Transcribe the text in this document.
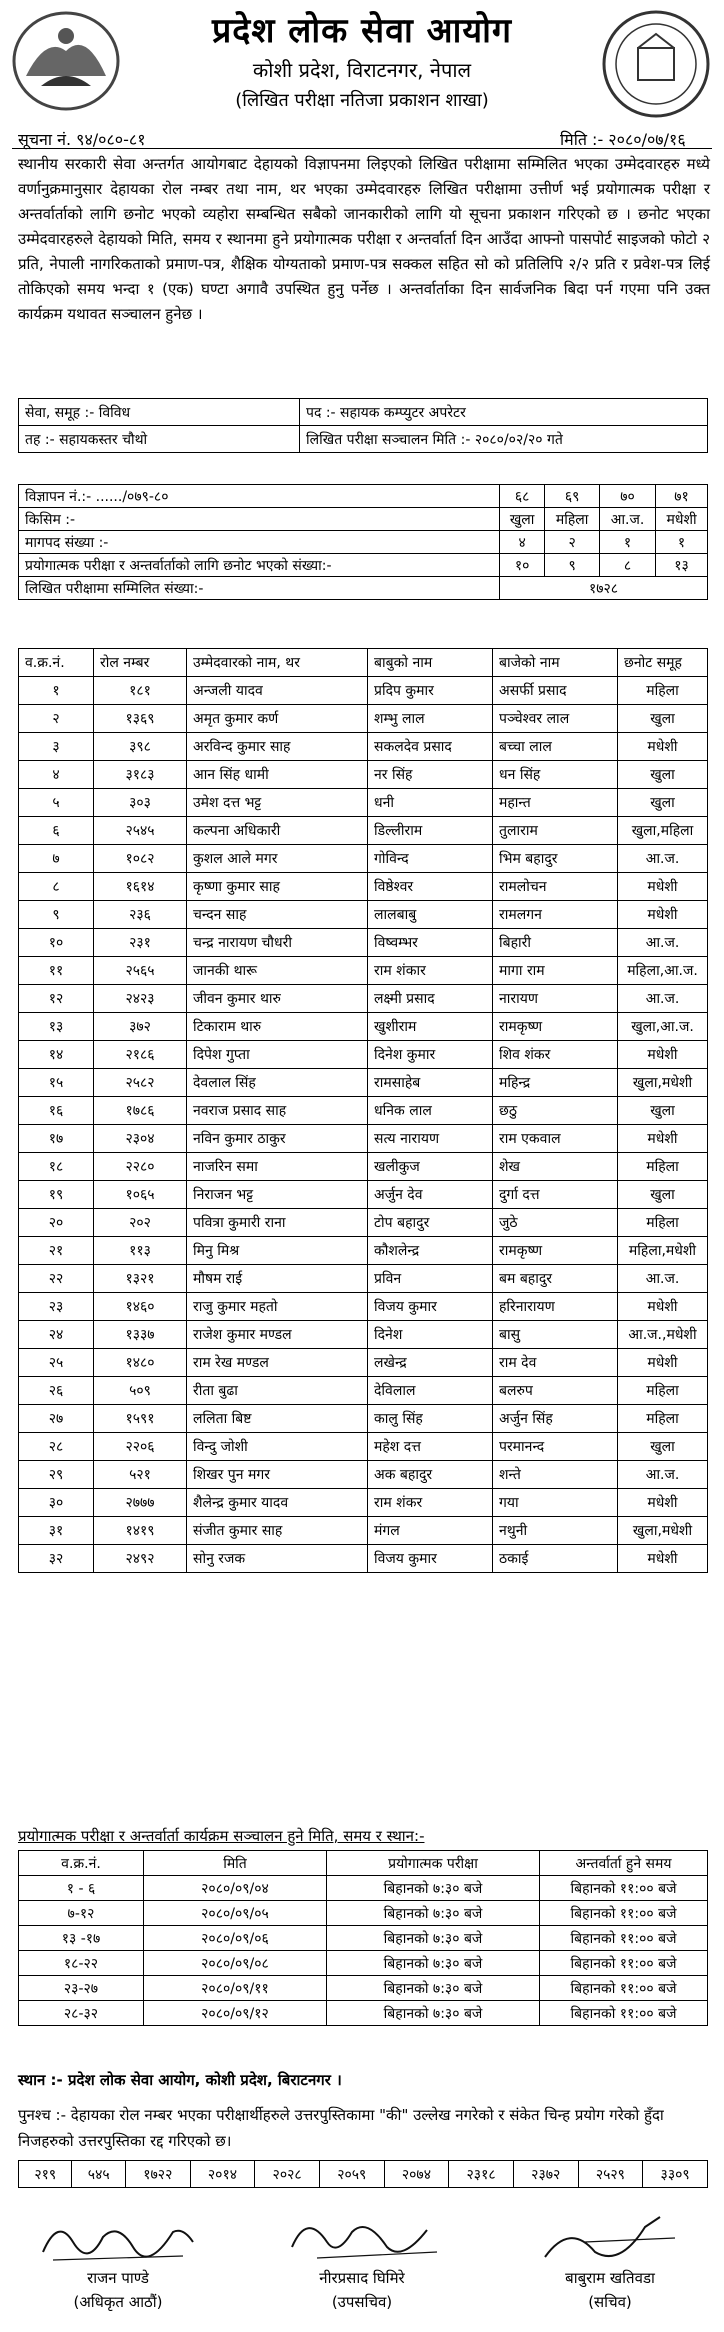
प्रदेश लोक सेवा आयोग
कोशी प्रदेश, विराटनगर, नेपाल
(लिखित परीक्षा नतिजा प्रकाशन शाखा)
सूचना नं. ९४/०८०-८१	मिति :- २०८०/०७/१६
स्थानीय सरकारी सेवा अन्तर्गत आयोगबाट देहायको विज्ञापनमा लिइएको लिखित परीक्षामा सम्मिलित भएका उम्मेदवारहरु मध्ये वर्णानुक्रमानुसार देहायका रोल नम्बर तथा नाम, थर भएका उम्मेदवारहरु लिखित परीक्षामा उत्तीर्ण भई प्रयोगात्मक परीक्षा र अन्तर्वार्ताको लागि छनोट भएको व्यहोरा सम्बन्धित सबैको जानकारीको लागि यो सूचना प्रकाशन गरिएको छ । छनोट भएका उम्मेदवारहरुले देहायको मिति, समय र स्थानमा हुने प्रयोगात्मक परीक्षा र अन्तर्वार्ता दिन आउँदा आफ्नो पासपोर्ट साइजको फोटो २ प्रति, नेपाली नागरिकताको प्रमाण-पत्र, शैक्षिक योग्यताको प्रमाण-पत्र सक्कल सहित सो को प्रतिलिपि २/२ प्रति र प्रवेश-पत्र लिई तोकिएको समय भन्दा १ (एक) घण्टा अगावै उपस्थित हुनु पर्नेछ । अन्तर्वार्ताका दिन सार्वजनिक बिदा पर्न गएमा पनि उक्त कार्यक्रम यथावत सञ्चालन हुनेछ ।
सेवा, समूह :- विविध	पद :- सहायक कम्प्युटर अपरेटर
तह :- सहायकस्तर चौथो	लिखित परीक्षा सञ्चालन मिति :- २०८०/०२/२० गते
विज्ञापन नं.:- ....../०७९-८०	६८	६९	७०	७१
किसिम :-	खुला	महिला	आ.ज.	मधेशी
मागपद संख्या :-	४	२	१	१
प्रयोगात्मक परीक्षा र अन्तर्वार्ताको लागि छनोट भएको संख्या:-	१०	९	८	१३
लिखित परीक्षामा सम्मिलित संख्या:-	१७२८			
व.क्र.नं.	रोल नम्बर	उम्मेदवारको नाम, थर	बाबुको नाम	बाजेको नाम	छनोट समूह
१	१८१	अन्जली यादव	प्रदिप कुमार	असर्फी प्रसाद	महिला
२	१३६९	अमृत कुमार कर्ण	शम्भु लाल	पञ्चेश्वर लाल	खुला
३	३९८	अरविन्द कुमार साह	सकलदेव प्रसाद	बच्चा लाल	मधेशी
४	३१८३	आन सिंह धामी	नर सिंह	धन सिंह	खुला
५	३०३	उमेश दत्त भट्ट	धनी	महान्त	खुला
६	२५४५	कल्पना अधिकारी	डिल्लीराम	तुलाराम	खुला,महिला
७	१०८२	कुशल आले मगर	गोविन्द	भिम बहादुर	आ.ज.
८	१६१४	कृष्णा कुमार साह	विष्ठेश्वर	रामलोचन	मधेशी
९	२३६	चन्दन साह	लालबाबु	रामलगन	मधेशी
१०	२३१	चन्द्र नारायण चौधरी	विष्वम्भर	बिहारी	आ.ज.
११	२५६५	जानकी थारू	राम शंकार	मागा राम	महिला,आ.ज.
१२	२४२३	जीवन कुमार थारु	लक्ष्मी प्रसाद	नारायण	आ.ज.
१३	३७२	टिकाराम थारु	खुशीराम	रामकृष्ण	खुला,आ.ज.
१४	२१८६	दिपेश गुप्ता	दिनेश कुमार	शिव शंकर	मधेशी
१५	२५८२	देवलाल सिंह	रामसाहेब	महिन्द्र	खुला,मधेशी
१६	१७८६	नवराज प्रसाद साह	धनिक लाल	छठु	खुला
१७	२३०४	नविन कुमार ठाकुर	सत्य नारायण	राम एकवाल	मधेशी
१८	२२८०	नाजरिन समा	खलीकुज	शेख	महिला
१९	१०६५	निराजन भट्ट	अर्जुन देव	दुर्गा दत्त	खुला
२०	२०२	पवित्रा कुमारी राना	टोप बहादुर	जुठे	महिला
२१	११३	मिनु मिश्र	कौशलेन्द्र	रामकृष्ण	महिला,मधेशी
२२	१३२१	मौषम राई	प्रविन	बम बहादुर	आ.ज.
२३	१४६०	राजु कुमार महतो	विजय कुमार	हरिनारायण	मधेशी
२४	१३३७	राजेश कुमार मण्डल	दिनेश	बासु	आ.ज.,मधेशी
२५	१४८०	राम रेख मण्डल	लखेन्द्र	राम देव	मधेशी
२६	५०९	रीता बुढा	देविलाल	बलरुप	महिला
२७	१५९१	ललिता बिष्ट	कालु सिंह	अर्जुन सिंह	महिला
२८	२२०६	विन्दु जोशी	महेश दत्त	परमानन्द	खुला
२९	५२१	शिखर पुन मगर	अक बहादुर	शन्ते	आ.ज.
३०	२७७७	शैलेन्द्र कुमार यादव	राम शंकर	गया	मधेशी
३१	१४१९	संजीत कुमार साह	मंगल	नथुनी	खुला,मधेशी
३२	२४९२	सोनु रजक	विजय कुमार	ठकाई	मधेशी
प्रयोगात्मक परीक्षा र अन्तर्वार्ता कार्यक्रम सञ्चालन हुने मिति, समय र स्थान:-
व.क्र.नं.	मिति	प्रयोगात्मक परीक्षा	अन्तर्वार्ता हुने समय
१ - ६	२०८०/०९/०४	बिहानको ७:३० बजे	बिहानको ११:०० बजे
७-१२	२०८०/०९/०५	बिहानको ७:३० बजे	बिहानको ११:०० बजे
१३ -१७	२०८०/०९/०६	बिहानको ७:३० बजे	बिहानको ११:०० बजे
१८-२२	२०८०/०९/०८	बिहानको ७:३० बजे	बिहानको ११:०० बजे
२३-२७	२०८०/०९/११	बिहानको ७:३० बजे	बिहानको ११:०० बजे
२८-३२	२०८०/०९/१२	बिहानको ७:३० बजे	बिहानको ११:०० बजे
स्थान :- प्रदेश लोक सेवा आयोग, कोशी प्रदेश, बिराटनगर ।
पुनश्च :- देहायका रोल नम्बर भएका परीक्षार्थीहरुले उत्तरपुस्तिकामा "की" उल्लेख नगरेको र संकेत चिन्ह प्रयोग गरेको हुँदा निजहरुको उत्तरपुस्तिका रद्द गरिएको छ।
२१९	५४५	१७२२	२०१४	२०२८	२०५९	२०७४	२३१८	२३७२	२५२९	३३०९
राजन पाण्डे
(अधिकृत आठौं)
नीरप्रसाद घिमिरे
(उपसचिव)
बाबुराम खतिवडा
(सचिव)
